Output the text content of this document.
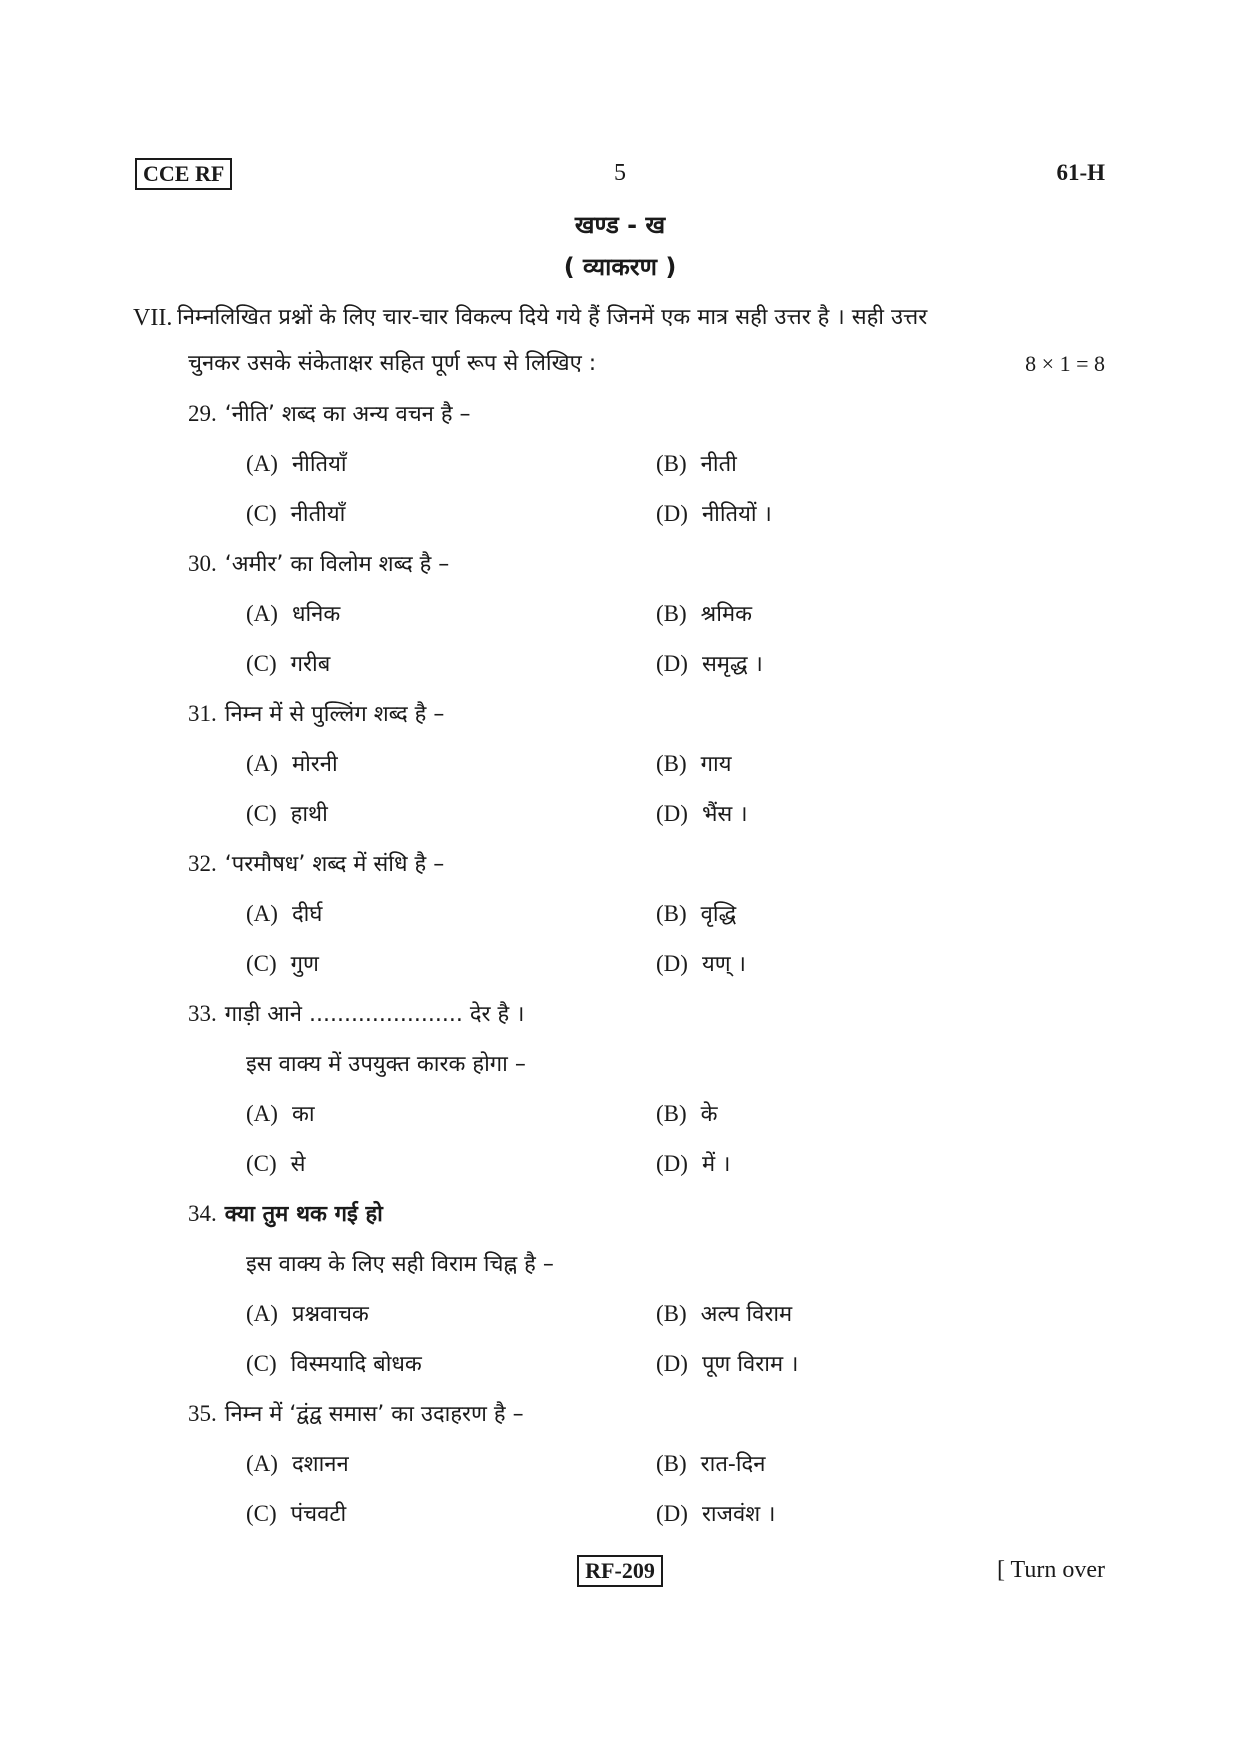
CCE RF	5	61-H
खण्ड - ख
( व्याकरण )
VII. निम्नलिखित प्रश्नों के लिए चार-चार विकल्प दिये गये हैं जिनमें एक मात्र सही उत्तर है । सही उत्तर
चुनकर उसके संकेताक्षर सहित पूर्ण रूप से लिखिए :	8 × 1 = 8
29. ‘नीति’ शब्द का अन्य वचन है –
(A) नीतियाँ	(B) नीती
(C) नीतीयाँ	(D) नीतियों ।
30. ‘अमीर’ का विलोम शब्द है –
(A) धनिक	(B) श्रमिक
(C) गरीब	(D) समृद्ध ।
31. निम्न में से पुल्लिंग शब्द है –
(A) मोरनी	(B) गाय
(C) हाथी	(D) भैंस ।
32. ‘परमौषध’ शब्द में संधि है –
(A) दीर्घ	(B) वृद्धि
(C) गुण	(D) यण् ।
33. गाड़ी आने ...................... देर है ।
इस वाक्य में उपयुक्त कारक होगा –
(A) का	(B) के
(C) से	(D) में ।
34. क्या तुम थक गई हो
इस वाक्य के लिए सही विराम चिह्न है –
(A) प्रश्नवाचक	(B) अल्प विराम
(C) विस्मयादि बोधक	(D) पूण विराम ।
35. निम्न में ‘द्वंद्व समास’ का उदाहरण है –
(A) दशानन	(B) रात-दिन
(C) पंचवटी	(D) राजवंश ।
RF-209	[ Turn over
